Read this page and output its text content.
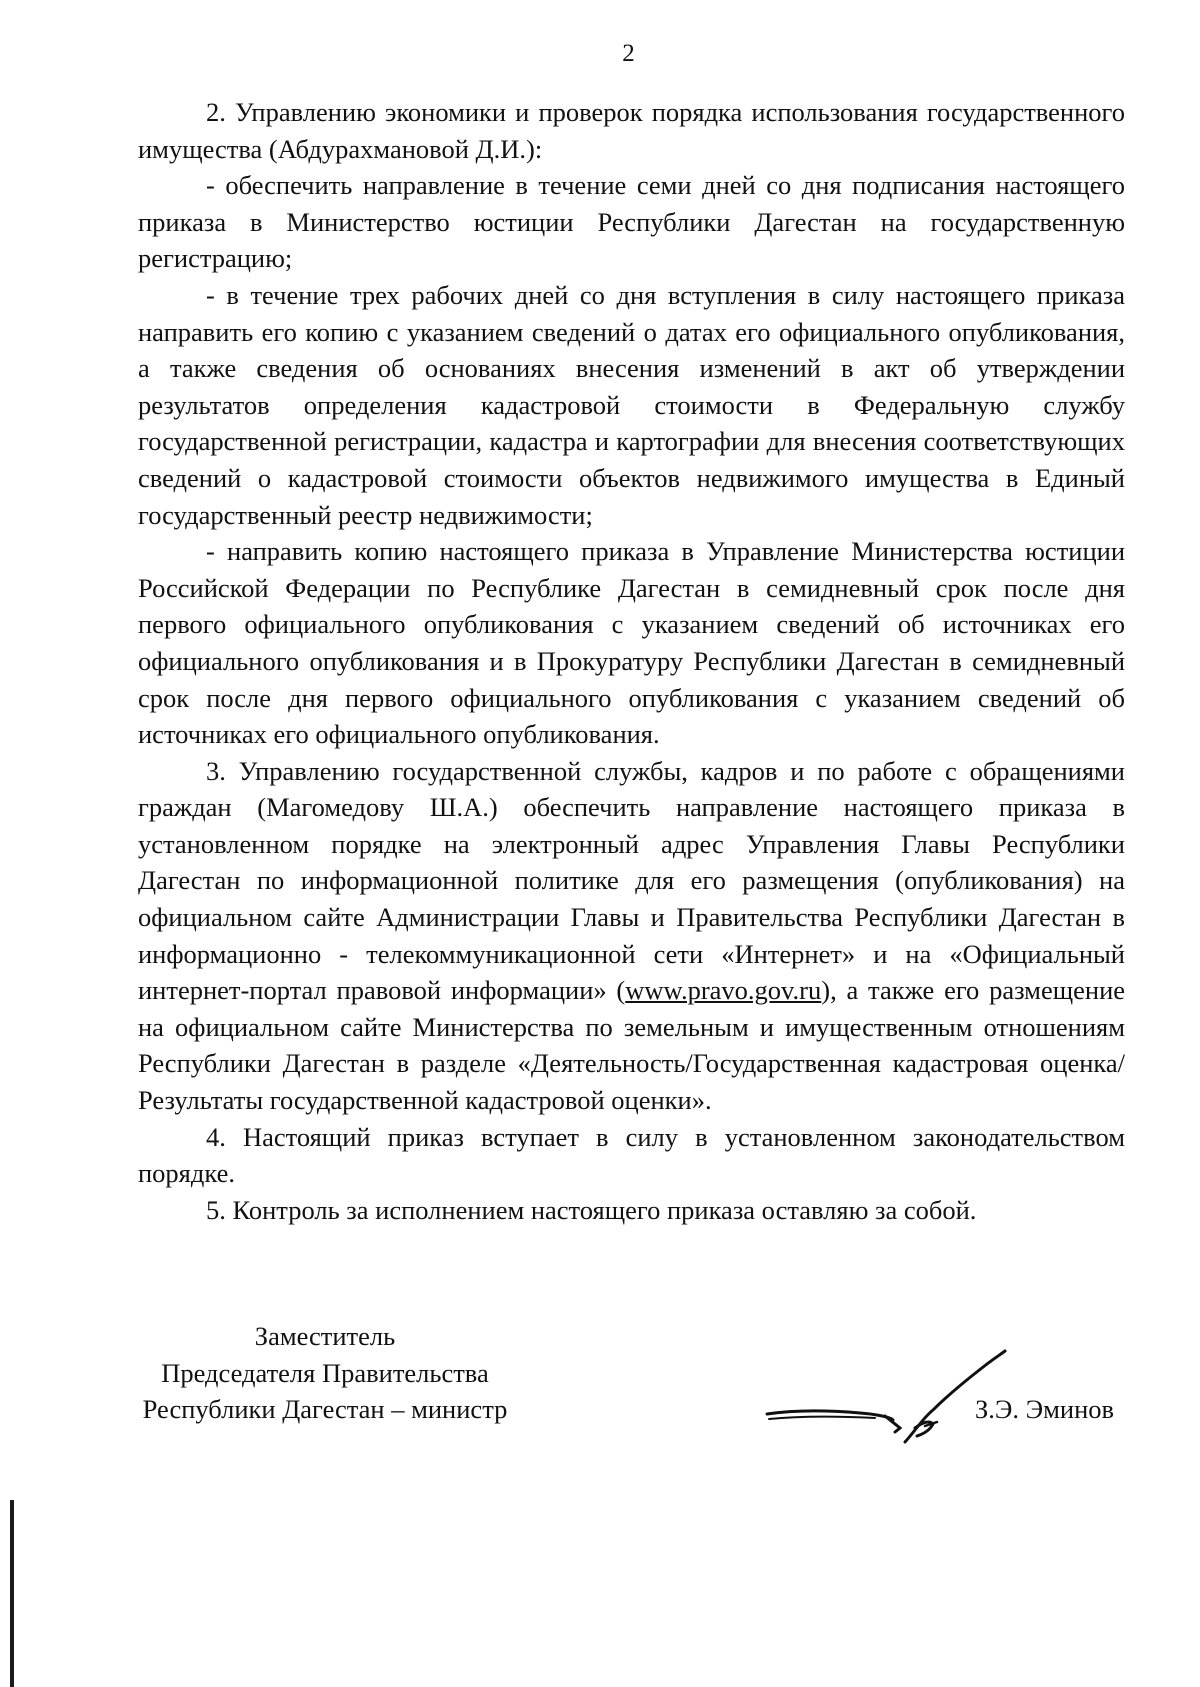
2

2. Управлению экономики и проверок порядка использования государственного имущества (Абдурахмановой Д.И.):

- обеспечить направление в течение семи дней со дня подписания настоящего приказа в Министерство юстиции Республики Дагестан на государственную регистрацию;

- в течение трех рабочих дней со дня вступления в силу настоящего приказа направить его копию с указанием сведений о датах его официального опубликования, а также сведения об основаниях внесения изменений в акт об утверждении результатов определения кадастровой стоимости в Федеральную службу государственной регистрации, кадастра и картографии для внесения соответствующих сведений о кадастровой стоимости объектов недвижимого имущества в Единый государственный реестр недвижимости;

- направить копию настоящего приказа в Управление Министерства юстиции Российской Федерации по Республике Дагестан в семидневный срок после дня первого официального опубликования с указанием сведений об источниках его официального опубликования и в Прокуратуру Республики Дагестан в семидневный срок после дня первого официального опубликования с указанием сведений об источниках его официального опубликования.

3. Управлению государственной службы, кадров и по работе с обращениями граждан (Магомедову Ш.А.) обеспечить направление настоящего приказа в установленном порядке на электронный адрес Управления Главы Республики Дагестан по информационной политике для его размещения (опубликования) на официальном сайте Администрации Главы и Правительства Республики Дагестан в информационно - телекоммуникационной сети «Интернет» и на «Официальный интернет-портал правовой информации» (www.pravo.gov.ru), а также его размещение на официальном сайте Министерства по земельным и имущественным отношениям Республики Дагестан в разделе «Деятельность/Государственная кадастровая оценка/Результаты государственной кадастровой оценки».

4. Настоящий приказ вступает в силу в установленном законодательством порядке.

5. Контроль за исполнением настоящего приказа оставляю за собой.

Заместитель
Председателя Правительства
Республики Дагестан – министр	З.Э. Эминов
